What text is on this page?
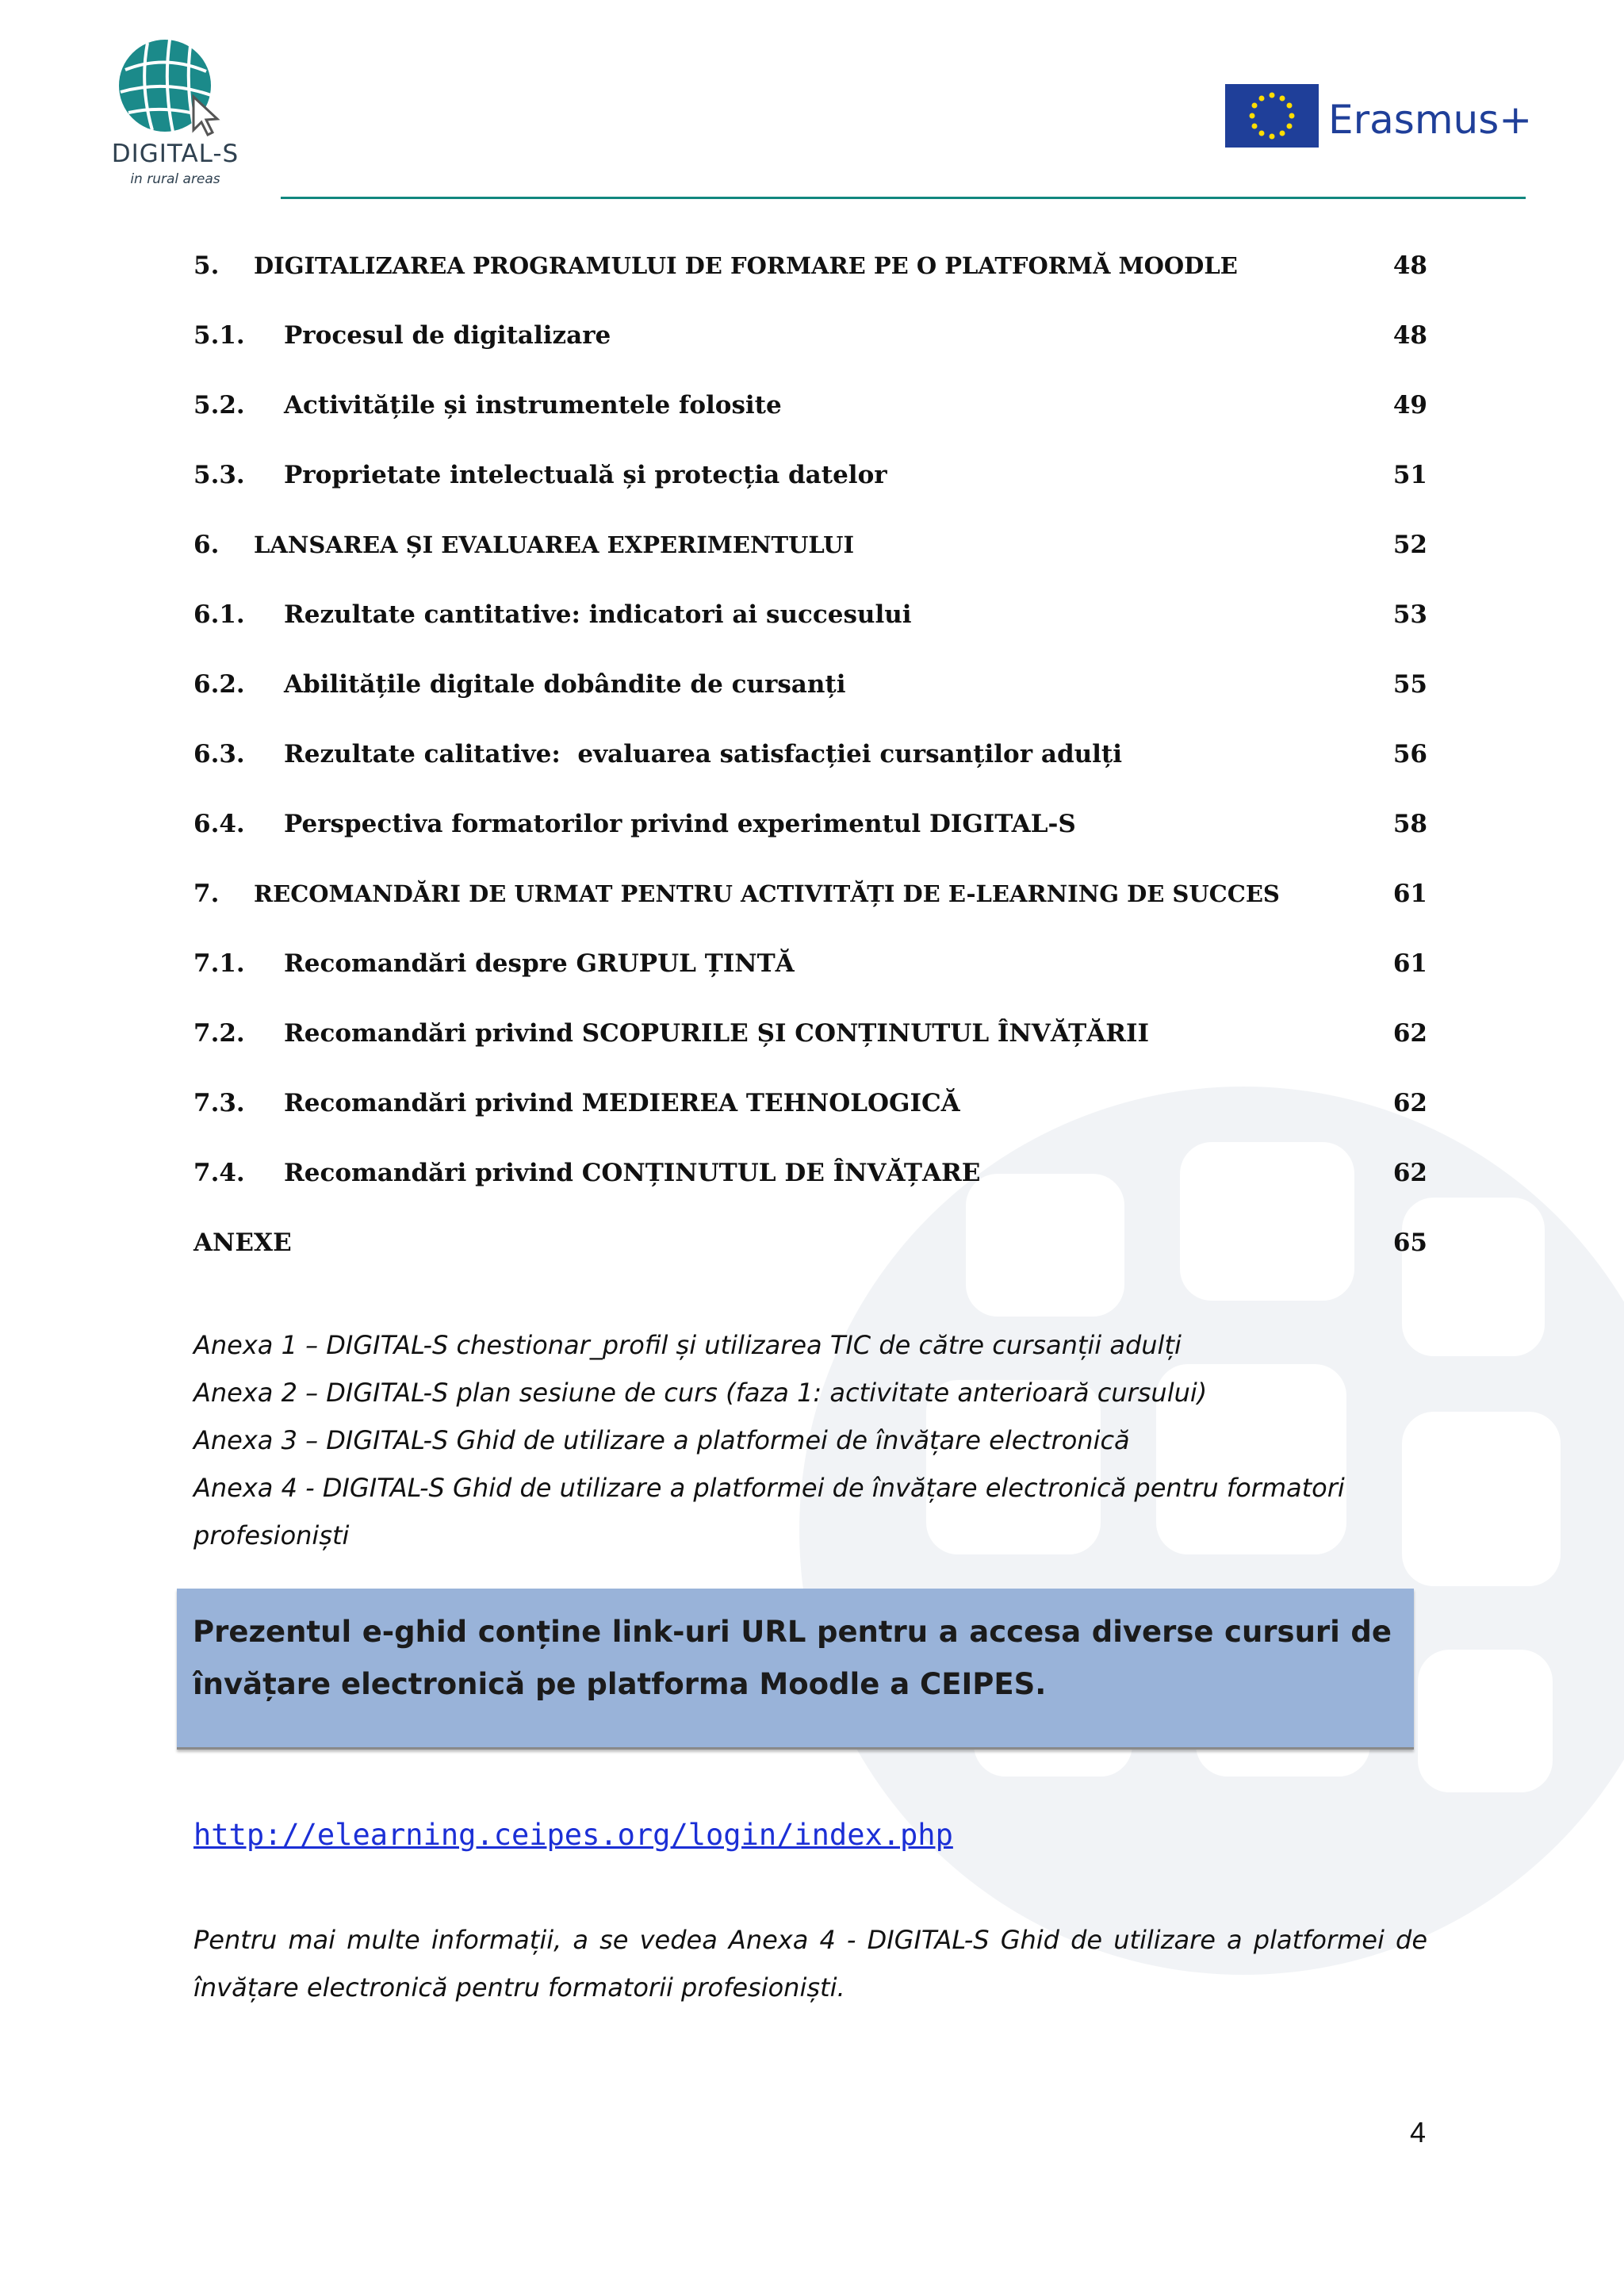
DIGITAL-S
in rural areas
Erasmus+
5. DIGITALIZAREA PROGRAMULUI DE FORMARE PE O PLATFORMĂ MOODLE	48
5.1. Procesul de digitalizare	48
5.2. Activitățile și instrumentele folosite	49
5.3. Proprietate intelectuală și protecția datelor	51
6. LANSAREA ȘI EVALUAREA EXPERIMENTULUI	52
6.1. Rezultate cantitative: indicatori ai succesului	53
6.2. Abilitățile digitale dobândite de cursanți	55
6.3. Rezultate calitative:  evaluarea satisfacției cursanților adulți	56
6.4. Perspectiva formatorilor privind experimentul DIGITAL-S	58
7. RECOMANDĂRI DE URMAT PENTRU ACTIVITĂȚI DE E-LEARNING DE SUCCES	61
7.1. Recomandări despre GRUPUL ȚINTĂ	61
7.2. Recomandări privind SCOPURILE ȘI CONȚINUTUL ÎNVĂȚĂRII	62
7.3. Recomandări privind MEDIEREA TEHNOLOGICĂ	62
7.4. Recomandări privind CONȚINUTUL DE ÎNVĂȚARE	62
ANEXE	65
Anexa 1 – DIGITAL-S chestionar_profil și utilizarea TIC de către cursanții adulți
Anexa 2 – DIGITAL-S plan sesiune de curs (faza 1: activitate anterioară cursului)
Anexa 3 – DIGITAL-S Ghid de utilizare a platformei de învățare electronică
Anexa 4 - DIGITAL-S Ghid de utilizare a platformei de învățare electronică pentru formatori
profesioniști
Prezentul e-ghid conține link-uri URL pentru a accesa diverse cursuri de învățare electronică pe platforma Moodle a CEIPES.
http://elearning.ceipes.org/login/index.php
Pentru mai multe informații, a se vedea Anexa 4 - DIGITAL-S Ghid de utilizare a platformei de învățare electronică pentru formatorii profesioniști.
4
